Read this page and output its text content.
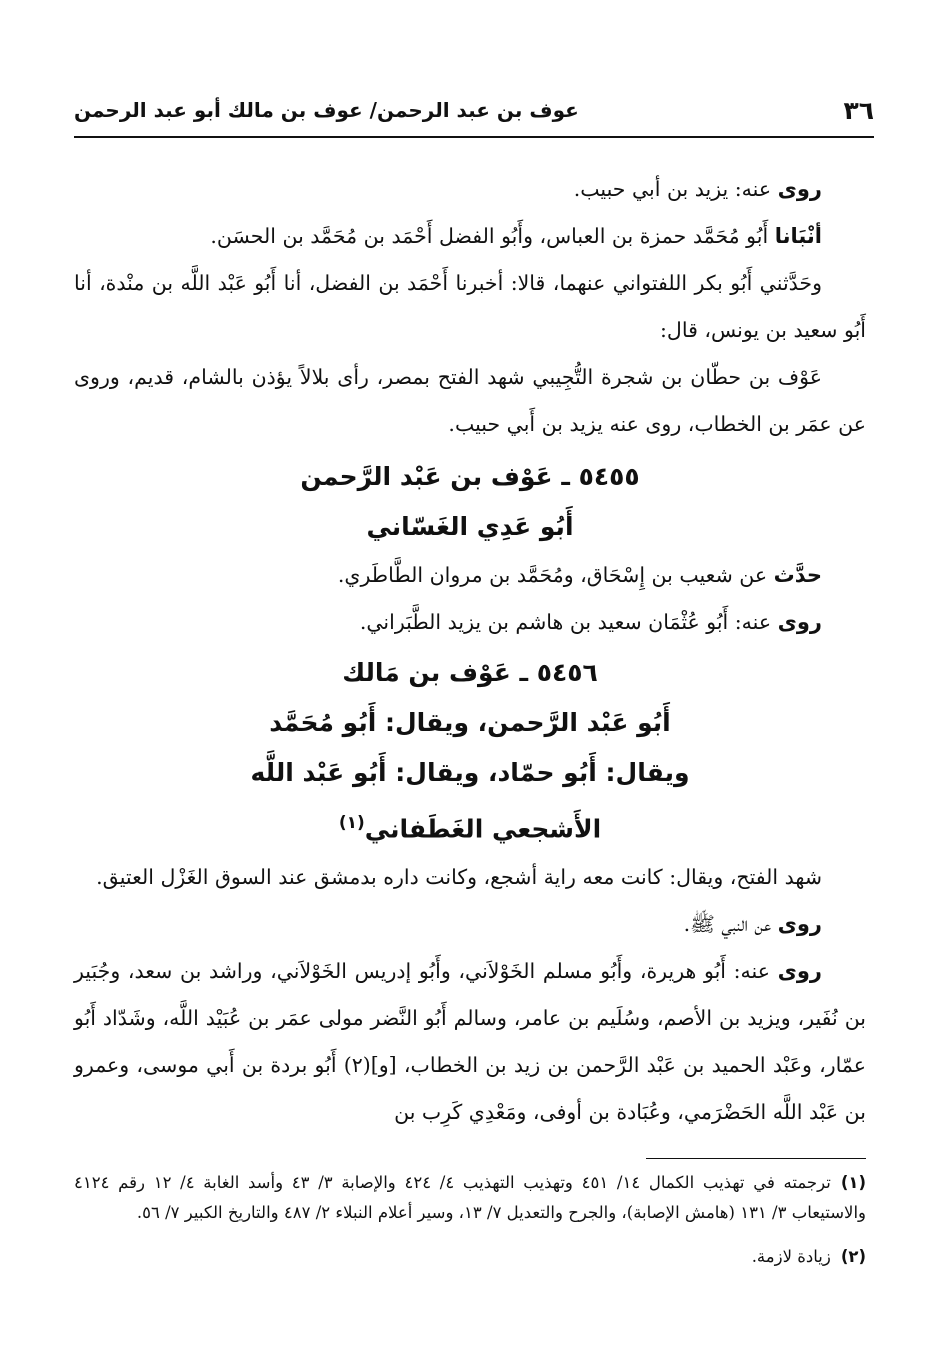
٣٦
عوف بن عبد الرحمن/ عوف بن مالك أبو عبد الرحمن

روى عنه: يزيد بن أبي حبيب.

أنْبَانا أَبُو مُحَمَّد حمزة بن العباس، وأَبُو الفضل أَحْمَد بن مُحَمَّد بن الحسَن.

وحَدَّثني أَبُو بكر اللفتواني عنهما، قالا: أخبرنا أَحْمَد بن الفضل، أنا أَبُو عَبْد اللَّه بن منْدة، أنا أَبُو سعيد بن يونس، قال:

عَوْف بن حطّان بن شجرة التُّجِيبي شهد الفتح بمصر، رأى بلالاً يؤذن بالشام، قديم، وروى عن عمَر بن الخطاب، روى عنه يزيد بن أَبي حبيب.

٥٤٥٥ ـ عَوْف بن عَبْد الرَّحمن

أَبُو عَدِي الغَسّاني

حدَّث عن شعيب بن إِسْحَاق، ومُحَمَّد بن مروان الطَّاطَري.

روى عنه: أَبُو عُثْمَان سعيد بن هاشم بن يزيد الطَّبَراني.

٥٤٥٦ ـ عَوْف بن مَالك

أَبُو عَبْد الرَّحمن، ويقال: أَبُو مُحَمَّد

ويقال: أَبُو حمّاد، ويقال: أَبُو عَبْد اللَّه

الأَشجعي الغَطَفاني$^{(١)}$

شهد الفتح، ويقال: كانت معه راية أشجع، وكانت داره بدمشق عند السوق الغَزْل العتيق.

روى عن النبي ﷺ.

روى عنه: أَبُو هريرة، وأَبُو مسلم الخَوْلاَني، وأَبُو إدريس الخَوْلاَني، وراشد بن سعد، وجُبَير بن نُفَير، ويزيد بن الأصم، وسُلَيم بن عامر، وسالم أَبُو النَّضر مولى عمَر بن عُبَيْد اللَّه، وشَدّاد أَبُو عمّار، وعَبْد الحميد بن عَبْد الرَّحمن بن زيد بن الخطاب، [و](٢) أَبُو بردة بن أَبي موسى، وعمرو بن عَبْد اللَّه الحَضْرَمي، وعُبَادة بن أوفى، ومَعْدِي كَرِب بن

(١)ترجمته في تهذيب الكمال ١٤/ ٤٥١ وتهذيب التهذيب ٤/ ٤٢٤ والإصابة ٣/ ٤٣ وأسد الغابة ٤/ ١٢ رقم ٤١٢٤ والاستيعاب ٣/ ١٣١ (هامش الإصابة)، والجرح والتعديل ٧/ ١٣، وسير أعلام النبلاء ٢/ ٤٨٧ والتاريخ الكبير ٧/ ٥٦.

(٢)زيادة لازمة.
